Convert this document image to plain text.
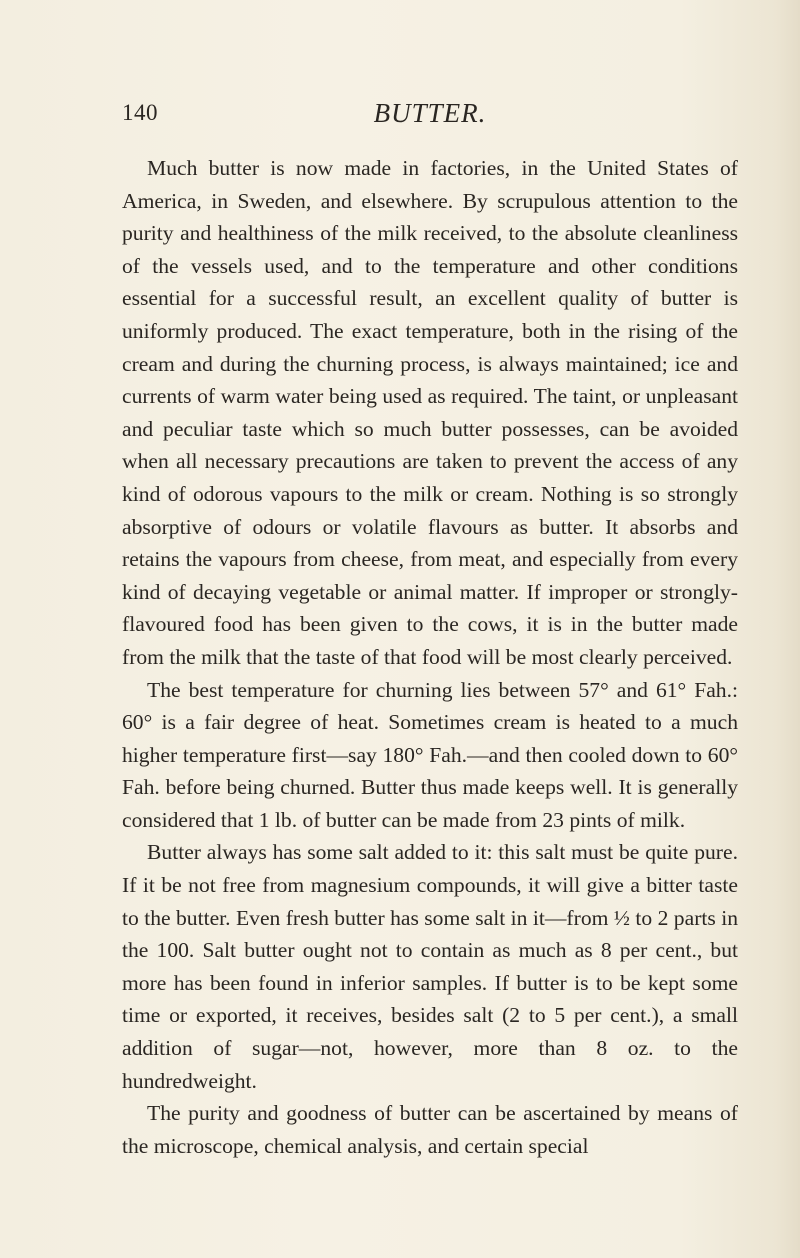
140	BUTTER.

Much butter is now made in factories, in the United States of America, in Sweden, and elsewhere. By scrupulous attention to the purity and healthiness of the milk received, to the absolute cleanliness of the vessels used, and to the temperature and other conditions essential for a successful result, an excellent quality of butter is uniformly produced. The exact temperature, both in the rising of the cream and during the churning process, is always maintained; ice and currents of warm water being used as required. The taint, or unpleasant and peculiar taste which so much butter possesses, can be avoided when all necessary precautions are taken to prevent the access of any kind of odorous vapours to the milk or cream. Nothing is so strongly absorptive of odours or volatile flavours as butter. It absorbs and retains the vapours from cheese, from meat, and especially from every kind of decaying vegetable or animal matter. If improper or strongly-flavoured food has been given to the cows, it is in the butter made from the milk that the taste of that food will be most clearly perceived.

The best temperature for churning lies between 57° and 61° Fah.: 60° is a fair degree of heat. Sometimes cream is heated to a much higher temperature first—say 180° Fah.—and then cooled down to 60° Fah. before being churned. Butter thus made keeps well. It is generally considered that 1 lb. of butter can be made from 23 pints of milk.

Butter always has some salt added to it: this salt must be quite pure. If it be not free from magnesium compounds, it will give a bitter taste to the butter. Even fresh butter has some salt in it—from ½ to 2 parts in the 100. Salt butter ought not to contain as much as 8 per cent., but more has been found in inferior samples. If butter is to be kept some time or exported, it receives, besides salt (2 to 5 per cent.), a small addition of sugar—not, however, more than 8 oz. to the hundredweight.

The purity and goodness of butter can be ascertained by means of the microscope, chemical analysis, and certain special
